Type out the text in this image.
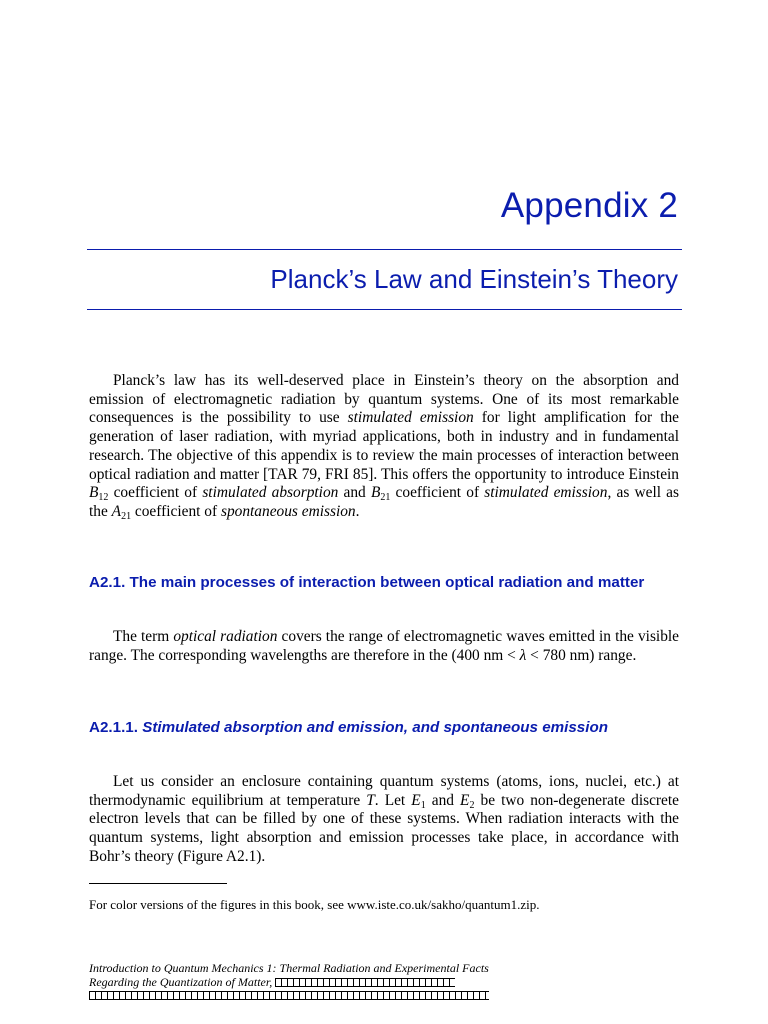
Appendix 2
Planck’s Law and Einstein’s Theory

Planck’s law has its well-deserved place in Einstein’s theory on the absorption and emission of electromagnetic radiation by quantum systems. One of its most remarkable consequences is the possibility to use stimulated emission for light amplification for the generation of laser radiation, with myriad applications, both in industry and in fundamental research. The objective of this appendix is to review the main processes of interaction between optical radiation and matter [TAR 79, FRI 85]. This offers the opportunity to introduce Einstein $B_{12}$ coefficient of stimulated absorption and $B_{21}$ coefficient of stimulated emission, as well as the $A_{21}$ coefficient of spontaneous emission.

A2.1. The main processes of interaction between optical radiation and matter

The term optical radiation covers the range of electromagnetic waves emitted in the visible range. The corresponding wavelengths are therefore in the (400 nm < λ < 780 nm) range.

A2.1.1. Stimulated absorption and emission, and spontaneous emission

Let us consider an enclosure containing quantum systems (atoms, ions, nuclei, etc.) at thermodynamic equilibrium at temperature T. Let $E_1$ and $E_2$ be two non-degenerate discrete electron levels that can be filled by one of these systems. When radiation interacts with the quantum systems, light absorption and emission processes take place, in accordance with Bohr’s theory (Figure A2.1).

For color versions of the figures in this book, see www.iste.co.uk/sakho/quantum1.zip.
Introduction to Quantum Mechanics 1: Thermal Radiation and Experimental Facts
Regarding the Quantization of Matter,
